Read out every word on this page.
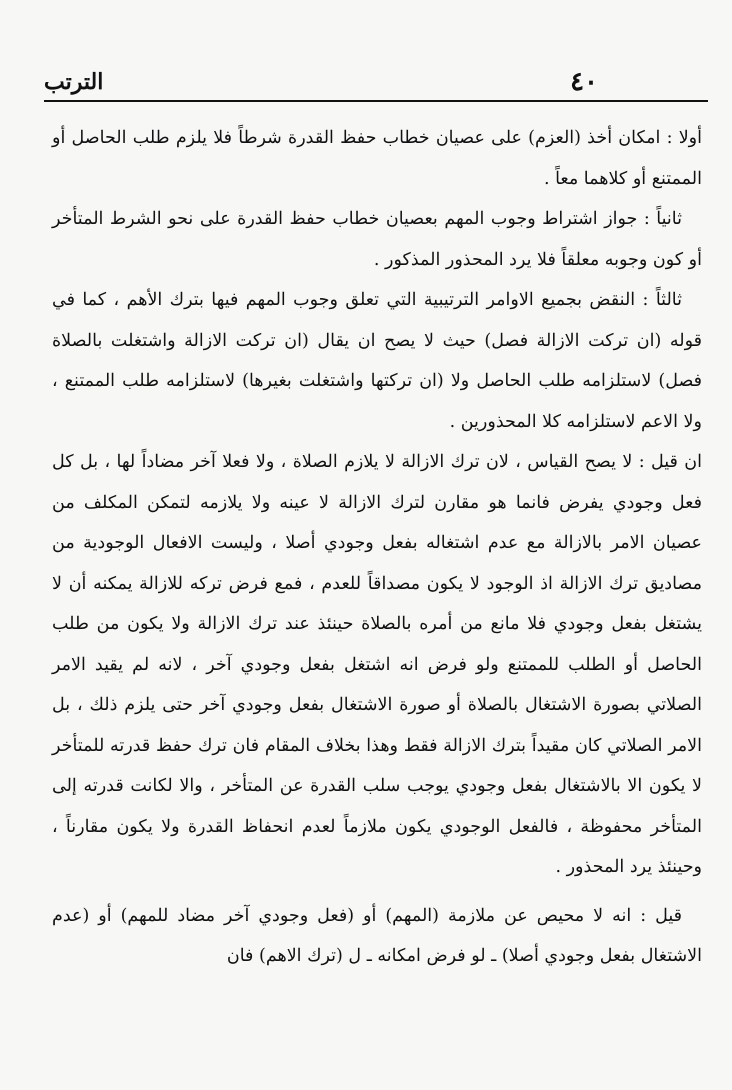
٤٠
الترتب

أولا : امكان أخذ (العزم) على عصيان خطاب حفظ القدرة شرطاً فلا يلزم طلب الحاصل أو الممتنع أو كلاهما معاً .

ثانياً : جواز اشتراط وجوب المهم بعصيان خطاب حفظ القدرة على نحو الشرط المتأخر أو كون وجوبه معلقاً فلا يرد المحذور المذكور .

ثالثاً : النقض بجميع الاوامر الترتيبية التي تعلق وجوب المهم فيها بترك الأهم ، كما في قوله (ان تركت الازالة فصل) حيث لا يصح ان يقال (ان تركت الازالة واشتغلت بالصلاة فصل) لاستلزامه طلب الحاصل ولا (ان تركتها واشتغلت بغيرها) لاستلزامه طلب الممتنع ، ولا الاعم لاستلزامه كلا المحذورين .

ان قيل : لا يصح القياس ، لان ترك الازالة لا يلازم الصلاة ، ولا فعلا آخر مضاداً لها ، بل كل فعل وجودي يفرض فانما هو مقارن لترك الازالة لا عينه ولا يلازمه لتمكن المكلف من عصيان الامر بالازالة مع عدم اشتغاله بفعل وجودي أصلا ، وليست الافعال الوجودية من مصاديق ترك الازالة اذ الوجود لا يكون مصداقاً للعدم ، فمع فرض تركه للازالة يمكنه أن لا يشتغل بفعل وجودي فلا مانع من أمره بالصلاة حينئذ عند ترك الازالة ولا يكون من طلب الحاصل أو الطلب للممتنع ولو فرض انه اشتغل بفعل وجودي آخر ، لانه لم يقيد الامر الصلاتي بصورة الاشتغال بالصلاة أو صورة الاشتغال بفعل وجودي آخر حتى يلزم ذلك ، بل الامر الصلاتي كان مقيداً بترك الازالة فقط وهذا بخلاف المقام فان ترك حفظ قدرته للمتأخر لا يكون الا بالاشتغال بفعل وجودي يوجب سلب القدرة عن المتأخر ، والا لكانت قدرته إلى المتأخر محفوظة ، فالفعل الوجودي يكون ملازماً لعدم انحفاظ القدرة ولا يكون مقارناً ، وحينئذ يرد المحذور .

قيل : انه لا محيص عن ملازمة (المهم) أو (فعل وجودي آخر مضاد للمهم) أو (عدم الاشتغال بفعل وجودي أصلا) ـ لو فرض امكانه ـ ل (ترك الاهم) فان
